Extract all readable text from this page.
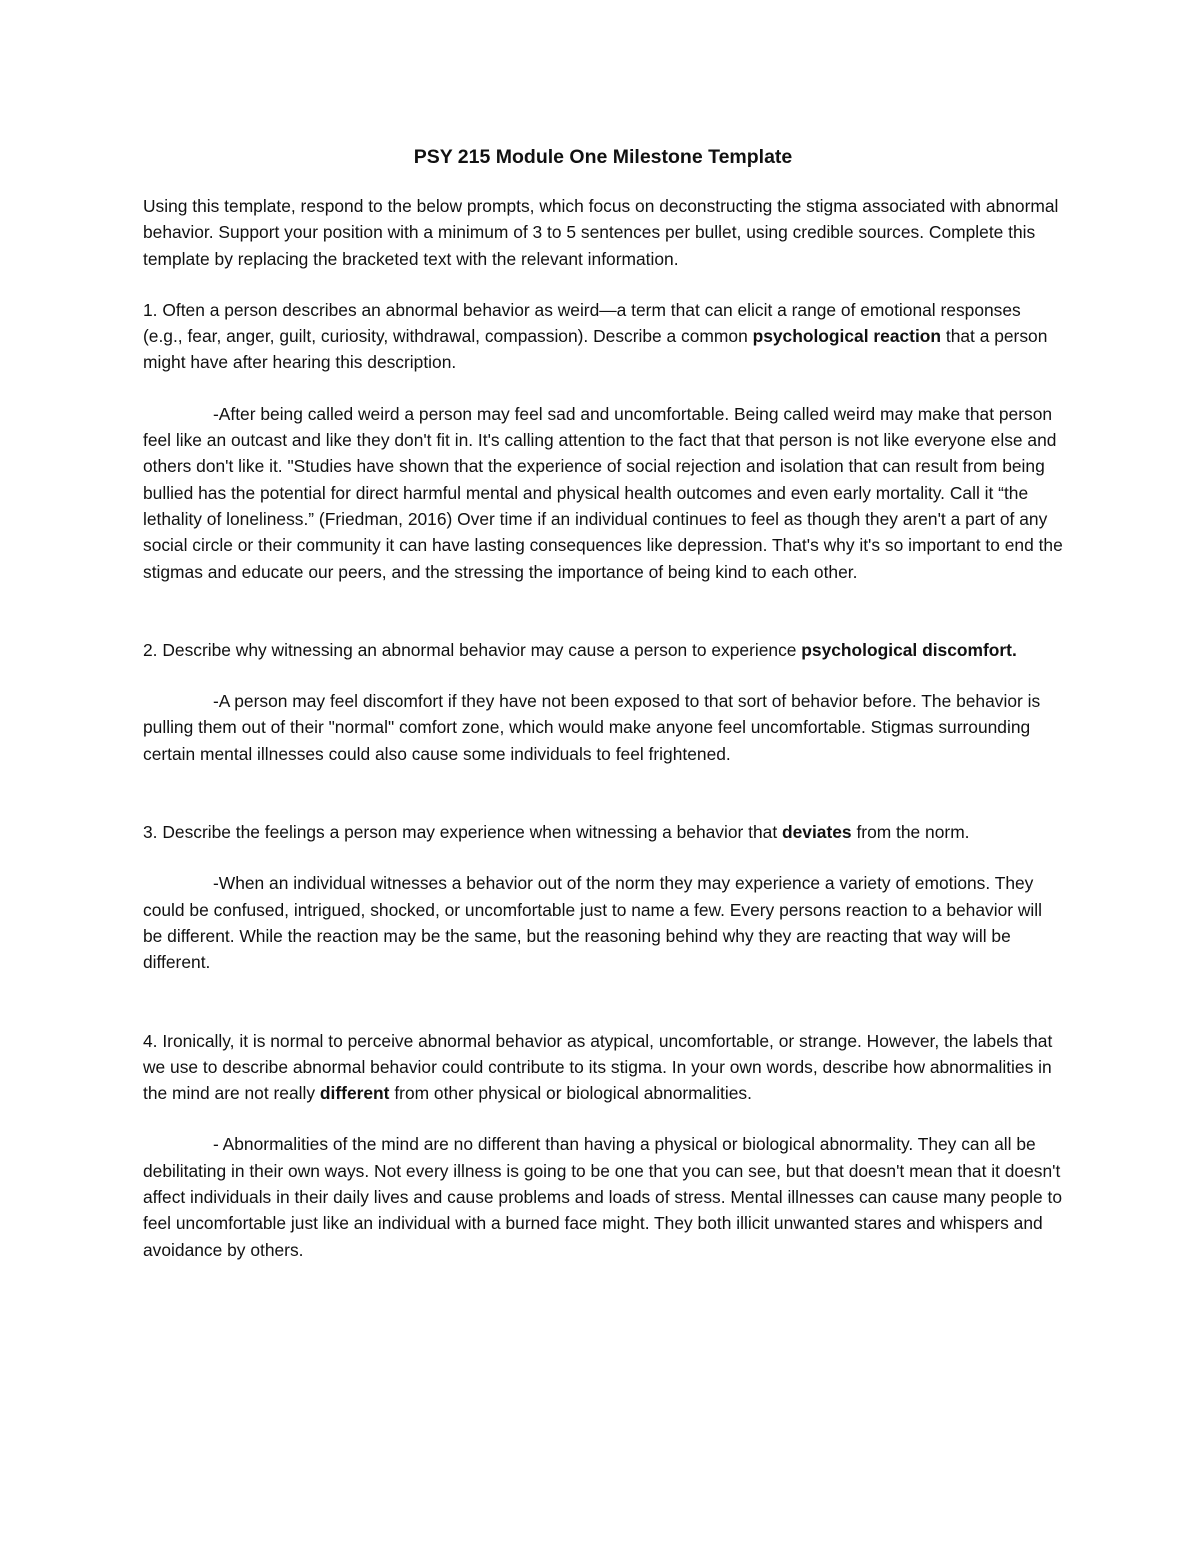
PSY 215 Module One Milestone Template

Using this template, respond to the below prompts, which focus on deconstructing the stigma associated with abnormal behavior. Support your position with a minimum of 3 to 5 sentences per bullet, using credible sources. Complete this template by replacing the bracketed text with the relevant information.

1. Often a person describes an abnormal behavior as weird—a term that can elicit a range of emotional responses (e.g., fear, anger, guilt, curiosity, withdrawal, compassion). Describe a common psychological reaction that a person might have after hearing this description.

-After being called weird a person may feel sad and uncomfortable. Being called weird may make that person feel like an outcast and like they don't fit in. It's calling attention to the fact that that person is not like everyone else and others don't like it. "Studies have shown that the experience of social rejection and isolation that can result from being bullied has the potential for direct harmful mental and physical health outcomes and even early mortality. Call it “the lethality of loneliness.” (Friedman, 2016) Over time if an individual continues to feel as though they aren't a part of any social circle or their community it can have lasting consequences like depression. That's why it's so important to end the stigmas and educate our peers, and the stressing the importance of being kind to each other.

2. Describe why witnessing an abnormal behavior may cause a person to experience psychological discomfort.

-A person may feel discomfort if they have not been exposed to that sort of behavior before. The behavior is pulling them out of their "normal" comfort zone, which would make anyone feel uncomfortable. Stigmas surrounding certain mental illnesses could also cause some individuals to feel frightened.

3. Describe the feelings a person may experience when witnessing a behavior that deviates from the norm.

-When an individual witnesses a behavior out of the norm they may experience a variety of emotions. They could be confused, intrigued, shocked, or uncomfortable just to name a few. Every persons reaction to a behavior will be different. While the reaction may be the same, but the reasoning behind why they are reacting that way will be different.

4. Ironically, it is normal to perceive abnormal behavior as atypical, uncomfortable, or strange. However, the labels that we use to describe abnormal behavior could contribute to its stigma. In your own words, describe how abnormalities in the mind are not really different from other physical or biological abnormalities.

- Abnormalities of the mind are no different than having a physical or biological abnormality. They can all be debilitating in their own ways. Not every illness is going to be one that you can see, but that doesn't mean that it doesn't affect individuals in their daily lives and cause problems and loads of stress. Mental illnesses can cause many people to feel uncomfortable just like an individual with a burned face might. They both illicit unwanted stares and whispers and avoidance by others.
